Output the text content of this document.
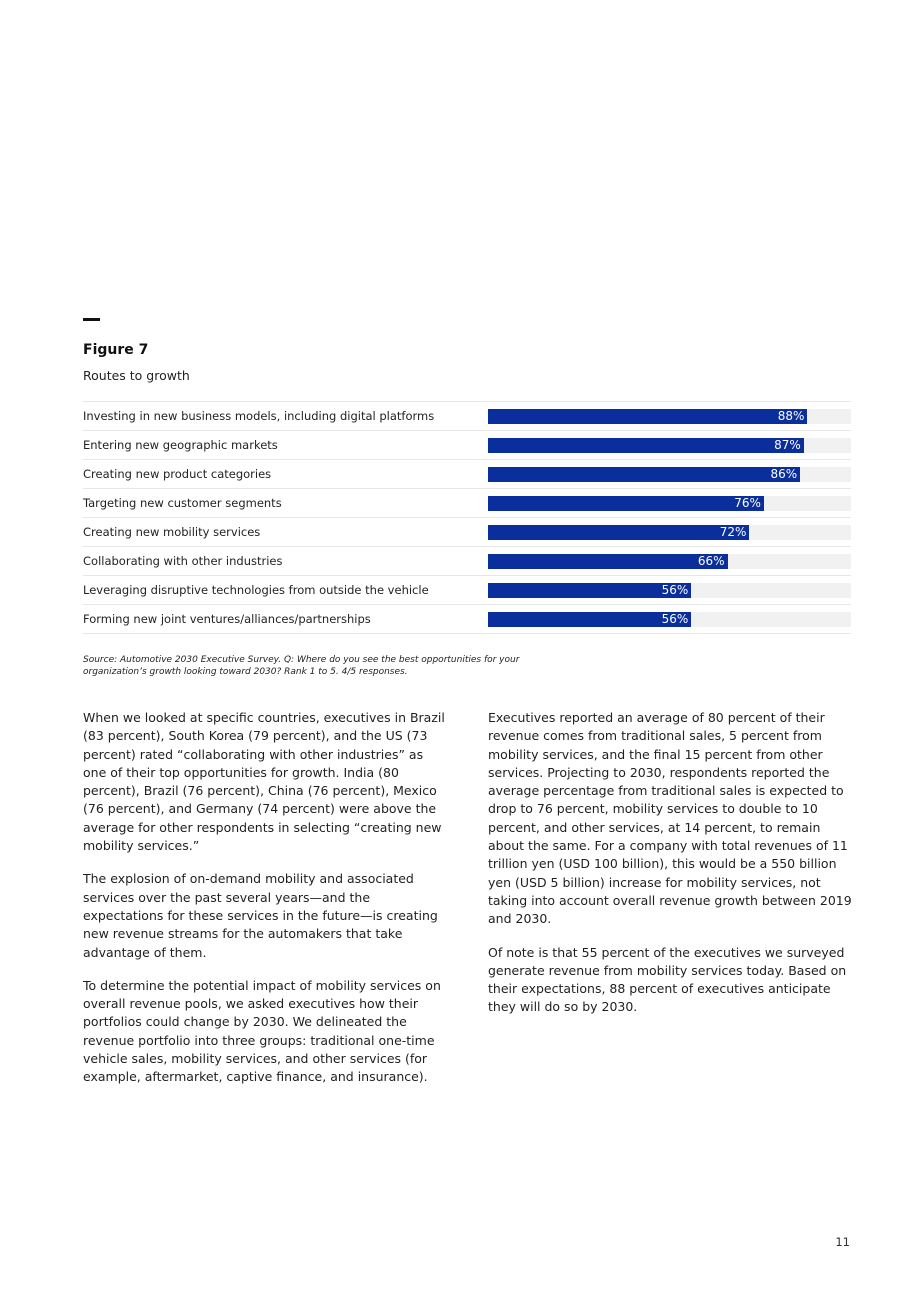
Figure 7
Routes to growth
Investing in new business models, including digital platforms	88%
Entering new geographic markets	87%
Creating new product categories	86%
Targeting new customer segments	76%
Creating new mobility services	72%
Collaborating with other industries	66%
Leveraging disruptive technologies from outside the vehicle	56%
Forming new joint ventures/alliances/partnerships	56%
Source: Automotive 2030 Executive Survey. Q: Where do you see the best opportunities for your organization’s growth looking toward 2030? Rank 1 to 5. 4/5 responses.

When we looked at specific countries, executives in Brazil (83 percent), South Korea (79 percent), and the US (73 percent) rated “collaborating with other industries” as one of their top opportunities for growth. India (80 percent), Brazil (76 percent), China (76 percent), Mexico (76 percent), and Germany (74 percent) were above the average for other respondents in selecting “creating new mobility services.”

The explosion of on-demand mobility and associated services over the past several years—and the expectations for these services in the future—is creating new revenue streams for the automakers that take advantage of them.

To determine the potential impact of mobility services on overall revenue pools, we asked executives how their portfolios could change by 2030. We delineated the revenue portfolio into three groups: traditional one-time vehicle sales, mobility services, and other services (for example, aftermarket, captive finance, and insurance).

Executives reported an average of 80 percent of their revenue comes from traditional sales, 5 percent from mobility services, and the final 15 percent from other services. Projecting to 2030, respondents reported the average percentage from traditional sales is expected to drop to 76 percent, mobility services to double to 10 percent, and other services, at 14 percent, to remain about the same. For a company with total revenues of 11 trillion yen (USD 100 billion), this would be a 550 billion yen (USD 5 billion) increase for mobility services, not taking into account overall revenue growth between 2019 and 2030.

Of note is that 55 percent of the executives we surveyed generate revenue from mobility services today. Based on their expectations, 88 percent of executives anticipate they will do so by 2030.

11
